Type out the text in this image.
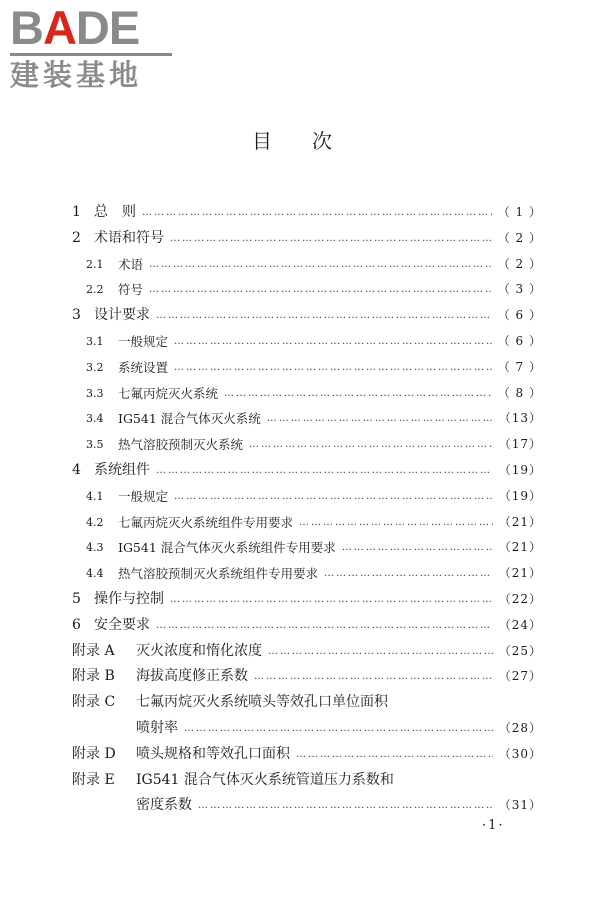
BADE
建装基地
目次
1 总　则 …………………………………………………………………………………………………………………………………………	（ 1 ）
2 术语和符号 …………………………………………………………………………………………………………………………………………	（ 2 ）
2.1	术语 …………………………………………………………………………………………………………………………………………	（ 2 ）
2.2	符号 …………………………………………………………………………………………………………………………………………	（ 3 ）
3 设计要求 …………………………………………………………………………………………………………………………………………	（ 6 ）
3.1	一般规定 …………………………………………………………………………………………………………………………………………	（ 6 ）
3.2	系统设置 …………………………………………………………………………………………………………………………………………	（ 7 ）
3.3	七氟丙烷灭火系统 …………………………………………………………………………………………………………………………………………	（ 8 ）
3.4	IG541 混合气体灭火系统 …………………………………………………………………………………………………………………………………………	（13）
3.5	热气溶胶预制灭火系统 …………………………………………………………………………………………………………………………………………	（17）
4 系统组件 …………………………………………………………………………………………………………………………………………	（19）
4.1	一般规定 …………………………………………………………………………………………………………………………………………	（19）
4.2	七氟丙烷灭火系统组件专用要求 …………………………………………………………………………………………………………………………………………	（21）
4.3	IG541 混合气体灭火系统组件专用要求 …………………………………………………………………………………………………………………………………………	（21）
4.4	热气溶胶预制灭火系统组件专用要求 …………………………………………………………………………………………………………………………………………	（21）
5 操作与控制 …………………………………………………………………………………………………………………………………………	（22）
6 安全要求 …………………………………………………………………………………………………………………………………………	（24）
附录 A	灭火浓度和惰化浓度 …………………………………………………………………………………………………………………………………………	（25）
附录 B	海拔高度修正系数 …………………………………………………………………………………………………………………………………………	（27）
附录 C	七氟丙烷灭火系统喷头等效孔口单位面积
喷射率 …………………………………………………………………………………………………………………………………………	（28）
附录 D	喷头规格和等效孔口面积 …………………………………………………………………………………………………………………………………………	（30）
附录 E	IG541 混合气体灭火系统管道压力系数和
密度系数 …………………………………………………………………………………………………………………………………………	（31）
·1·
